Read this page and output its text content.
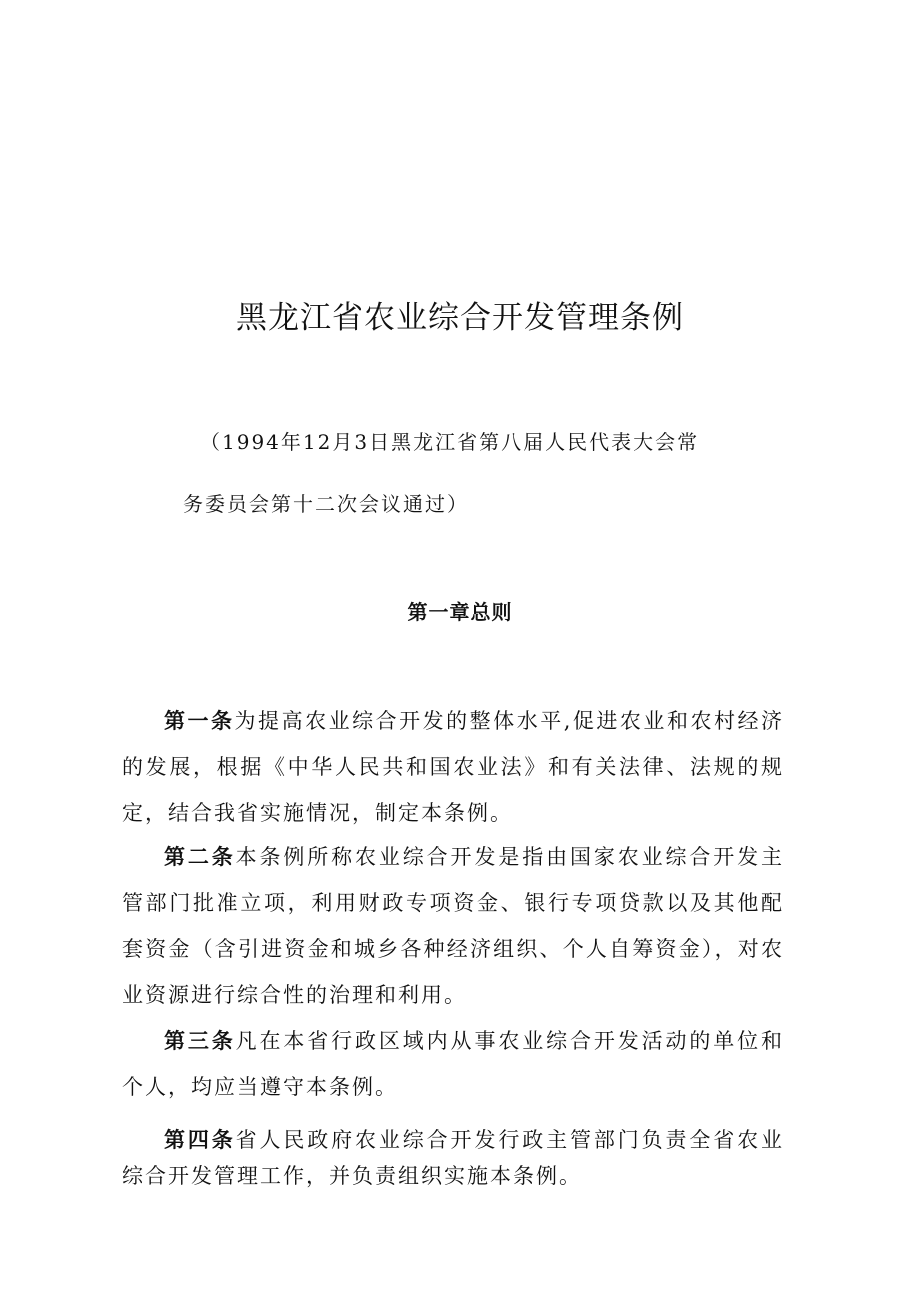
黑龙江省农业综合开发管理条例

（1994年12月3日黑龙江省第八届人民代表大会常

务委员会第十二次会议通过）

第一章总则

第一条为提高农业综合开发的整体水平,促进农业和农村经济的发展，根据《中华人民共和国农业法》和有关法律、法规的规定，结合我省实施情况，制定本条例。

第二条本条例所称农业综合开发是指由国家农业综合开发主管部门批准立项，利用财政专项资金、银行专项贷款以及其他配套资金（含引进资金和城乡各种经济组织、个人自筹资金），对农业资源进行综合性的治理和利用。

第三条凡在本省行政区域内从事农业综合开发活动的单位和个人，均应当遵守本条例。

第四条省人民政府农业综合开发行政主管部门负责全省农业综合开发管理工作，并负责组织实施本条例。
